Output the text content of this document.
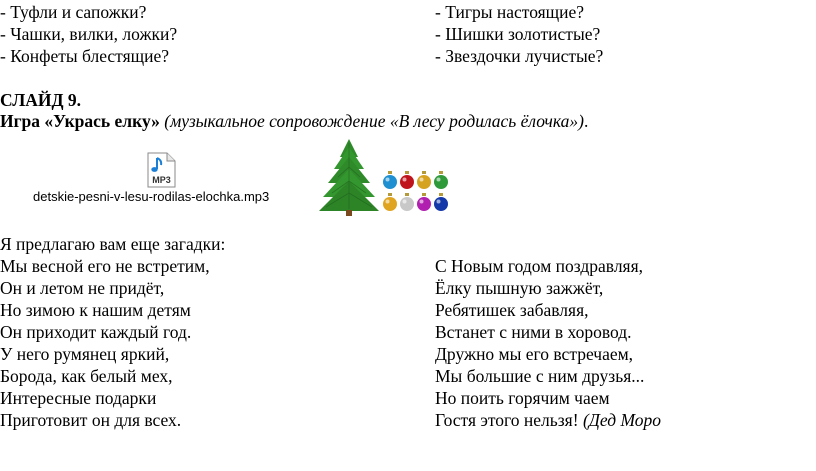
- Туфли и сапожки?
- Чашки, вилки, ложки?
- Конфеты блестящие?
- Тигры настоящие?
- Шишки золотистые?
- Звездочки лучистые?
СЛАЙД 9.
Игра «Укрась елку» (музыкальное сопровождение «В лесу родилась ёлочка»).
MP3
detskie-pesni-v-lesu-rodilas-elochka.mp3
Я предлагаю вам еще загадки:
Мы весной его не встретим,
Он и летом не придёт,
Но зимою к нашим детям
Он приходит каждый год.
У него румянец яркий,
Борода, как белый мех,
Интересные подарки
Приготовит он для всех.
С Новым годом поздравляя,
Ёлку пышную зажжёт,
Ребятишек забавляя,
Встанет с ними в хоровод.
Дружно мы его встречаем,
Мы большие с ним друзья...
Но поить горячим чаем
Гостя этого нельзя! (Дед Моро
